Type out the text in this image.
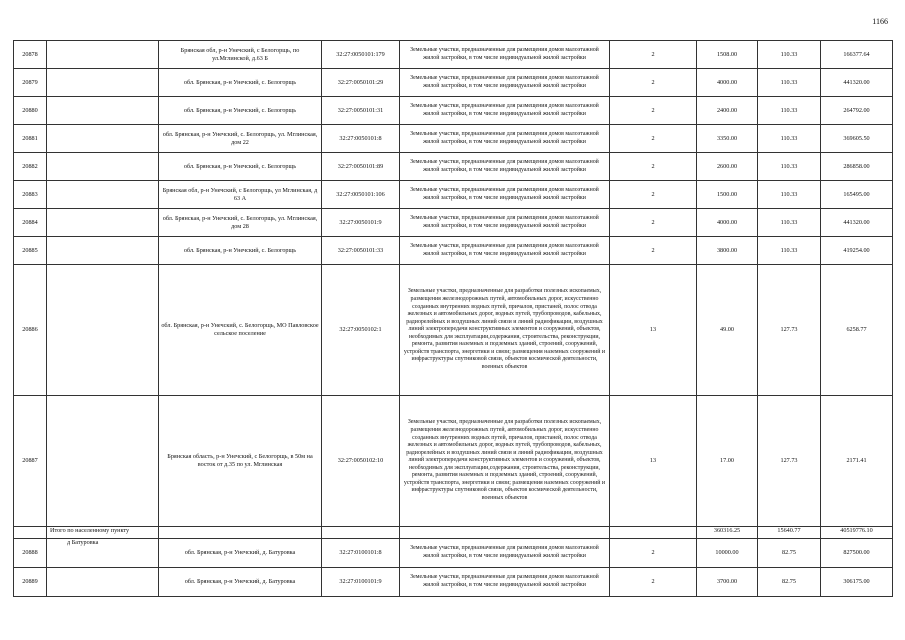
1166
20878		Брянская обл, р-н Унечский, с Белогорщь, по ул.Мглинской, д.63 Б	32:27:0050101:179	Земельные участки, предназначенные для размещения домов малоэтажной жилой застройки, в том числе индивидуальной жилой застройки	2	1508.00	110.33	166377.64
20879		обл. Брянская, р-н Унечский, с. Белогорщь	32:27:0050101:29	Земельные участки, предназначенные для размещения домов малоэтажной жилой застройки, в том числе индивидуальной жилой застройки	2	4000.00	110.33	441320.00
20880		обл. Брянская, р-н Унечский, с. Белогорщь	32:27:0050101:31	Земельные участки, предназначенные для размещения домов малоэтажной жилой застройки, в том числе индивидуальной жилой застройки	2	2400.00	110.33	264792.00
20881		обл. Брянская, р-н Унечский, с. Белогорщь, ул. Мглинская, дом 22	32:27:0050101:8	Земельные участки, предназначенные для размещения домов малоэтажной жилой застройки, в том числе индивидуальной жилой застройки	2	3350.00	110.33	369605.50
20882		обл. Брянская, р-н Унечский, с. Белогорщь	32:27:0050101:89	Земельные участки, предназначенные для размещения домов малоэтажной жилой застройки, в том числе индивидуальной жилой застройки	2	2600.00	110.33	286858.00
20883		Брянская обл, р-н Унечский, с Белогорщь, ул Мглинская, д 63 А	32:27:0050101:106	Земельные участки, предназначенные для размещения домов малоэтажной жилой застройки, в том числе индивидуальной жилой застройки	2	1500.00	110.33	165495.00
20884		обл. Брянская, р-н Унечский, с. Белогорщь, ул. Мглинская, дом 28	32:27:0050101:9	Земельные участки, предназначенные для размещения домов малоэтажной жилой застройки, в том числе индивидуальной жилой застройки	2	4000.00	110.33	441320.00
20885		обл. Брянская, р-н Унечский, с. Белогорщь	32:27:0050101:33	Земельные участки, предназначенные для размещения домов малоэтажной жилой застройки, в том числе индивидуальной жилой застройки	2	3800.00	110.33	419254.00
20886		обл. Брянская, р-н Унечский, с. Белогорщь, МО Павловское сельское поселение	32:27:0050102:1	Земельные участки, предназначенные для разработки полезных ископаемых, размещения железнодорожных путей, автомобильных дорог, искусственно созданных внутренних водных путей, причалов, пристаней, полос отвода железных и автомобильных дорог, водных путей, трубопроводов, кабельных, радиорелейных и воздушных линий связи и линий радиофикации, воздушных линий электропередачи конструктивных элементов и сооружений, объектов, необходимых для эксплуатации,содержания, строительства, реконструкции, ремонта, развития наземных и подземных зданий, строений, сооружений, устройств транспорта, энергетики и связи; размещения наземных сооружений и инфраструктуры спутниковой связи, объектов космической деятельности, военных объектов	13	49.00	127.73	6258.77
20887		Брянская область, р-н Унечский, с Белогорщь, в 50м на восток от д.35 по ул. Мглинская	32:27:0050102:10	Земельные участки, предназначенные для разработки полезных ископаемых, размещения железнодорожных путей, автомобильных дорог, искусственно созданных внутренних водных путей, причалов, пристаней, полос отвода железных и автомобильных дорог, водных путей, трубопроводов, кабельных, радиорелейных и воздушных линий связи и линий радиофикации, воздушных линий электропередачи конструктивных элементов и сооружений, объектов, необходимых для эксплуатации,содержания, строительства, реконструкции, ремонта, развития наземных и подземных зданий, строений, сооружений, устройств транспорта, энергетики и связи; размещения наземных сооружений и инфраструктуры спутниковой связи, объектов космической деятельности, военных объектов	13	17.00	127.73	2171.41
	Итого по населенному пункту					360316.25	15640.77	40519776.10
20888	д Батуровка	обл. Брянская, р-н Унечский, д. Батуровка	32:27:0100101:8	Земельные участки, предназначенные для размещения домов малоэтажной жилой застройки, в том числе индивидуальной жилой застройки	2	10000.00	82.75	827500.00
20889		обл. Брянская, р-н Унечский, д. Батуровка	32:27:0100101:9	Земельные участки, предназначенные для размещения домов малоэтажной жилой застройки, в том числе индивидуальной жилой застройки	2	3700.00	82.75	306175.00
